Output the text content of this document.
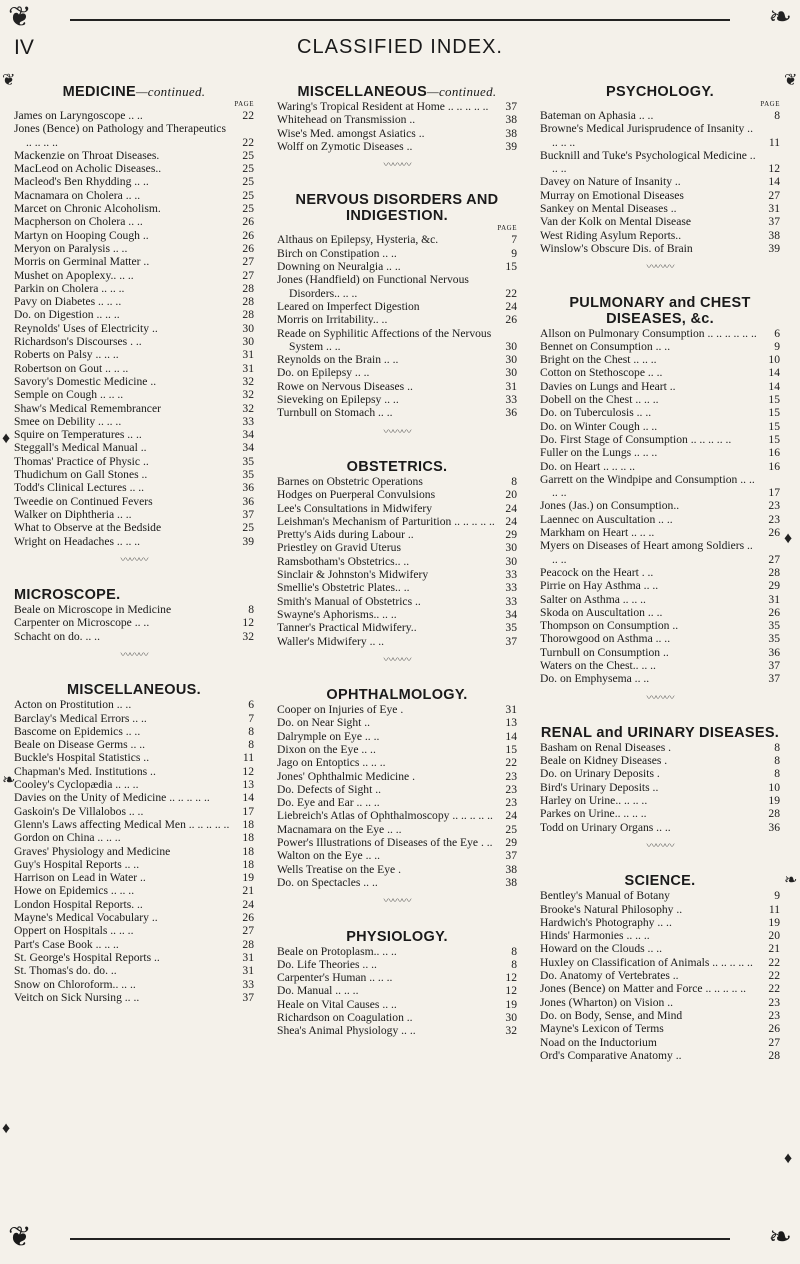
❦	❧
IV	CLASSIFIED INDEX.
❦
♦
❧
♦
❦
♦
❧
♦
MEDICINE—continued.
PAGE
James on Laryngoscope .. ..	22
Jones (Bence) on Pathology and Therapeutics .. .. .. ..	22
Mackenzie on Throat Diseases.	25
MacLeod on Acholic Diseases..	25
Macleod's Ben Rhydding .. ..	25
Macnamara on Cholera .. ..	25
Marcet on Chronic Alcoholism.	25
Macpherson on Cholera .. ..	26
Martyn on Hooping Cough ..	26
Meryon on Paralysis .. ..	26
Morris on Germinal Matter ..	27
Mushet on Apoplexy.. .. ..	27
Parkin on Cholera .. .. ..	28
Pavy on Diabetes .. .. ..	28
Do. on Digestion .. .. ..	28
Reynolds' Uses of Electricity ..	30
Richardson's Discourses . ..	30
Roberts on Palsy .. .. ..	31
Robertson on Gout .. .. ..	31
Savory's Domestic Medicine ..	32
Semple on Cough .. .. ..	32
Shaw's Medical Remembrancer	32
Smee on Debility .. .. ..	33
Squire on Temperatures .. ..	34
Steggall's Medical Manual ..	34
Thomas' Practice of Physic ..	35
Thudichum on Gall Stones ..	35
Todd's Clinical Lectures .. ..	36
Tweedie on Continued Fevers	36
Walker on Diphtheria .. ..	37
What to Observe at the Bedside	25
Wright on Headaches .. .. ..	39
〰〰〰
MICROSCOPE.
Beale on Microscope in Medicine	8
Carpenter on Microscope .. ..	12
Schacht on do. .. ..	32
〰〰〰
MISCELLANEOUS.
Acton on Prostitution .. ..	6
Barclay's Medical Errors .. ..	7
Bascome on Epidemics .. ..	8
Beale on Disease Germs .. ..	8
Buckle's Hospital Statistics ..	11
Chapman's Med. Institutions ..	12
Cooley's Cyclopædia .. .. ..	13
Davies on the Unity of Medicine .. .. .. .. ..	14
Gaskoin's De Villalobos .. ..	17
Glenn's Laws affecting Medical Men .. .. .. .. ..	18
Gordon on China .. .. ..	18
Graves' Physiology and Medicine	18
Guy's Hospital Reports .. ..	18
Harrison on Lead in Water ..	19
Howe on Epidemics .. .. ..	21
London Hospital Reports. ..	24
Mayne's Medical Vocabulary ..	26
Oppert on Hospitals .. .. ..	27
Part's Case Book .. .. ..	28
St. George's Hospital Reports ..	31
St. Thomas's do. do. ..	31
Snow on Chloroform.. .. ..	33
Veitch on Sick Nursing .. ..	37
MISCELLANEOUS—continued.
Waring's Tropical Resident at Home .. .. .. .. ..	37
Whitehead on Transmission ..	38
Wise's Med. amongst Asiatics ..	38
Wolff on Zymotic Diseases ..	39
〰〰〰
NERVOUS DISORDERS AND INDIGESTION.
PAGE
Althaus on Epilepsy, Hysteria, &c.	7
Birch on Constipation .. ..	9
Downing on Neuralgia .. ..	15
Jones (Handfield) on Functional Nervous Disorders.. .. ..	22
Leared on Imperfect Digestion	24
Morris on Irritability.. ..	26
Reade on Syphilitic Affections of the Nervous System .. ..	30
Reynolds on the Brain .. ..	30
Do. on Epilepsy .. ..	30
Rowe on Nervous Diseases ..	31
Sieveking on Epilepsy .. ..	33
Turnbull on Stomach .. ..	36
〰〰〰
OBSTETRICS.
Barnes on Obstetric Operations	8
Hodges on Puerperal Convulsions	20
Lee's Consultations in Midwifery	24
Leishman's Mechanism of Parturition .. .. .. .. .. 24
Pretty's Aids during Labour ..	29
Priestley on Gravid Uterus	30
Ramsbotham's Obstetrics.. ..	30
Sinclair & Johnston's Midwifery	33
Smellie's Obstetric Plates.. ..	33
Smith's Manual of Obstetrics ..	33
Swayne's Aphorisms.. .. ..	34
Tanner's Practical Midwifery..	35
Waller's Midwifery .. ..	37
〰〰〰
OPHTHALMOLOGY.
Cooper on Injuries of Eye .	31
Do. on Near Sight ..	13
Dalrymple on Eye .. ..	14
Dixon on the Eye .. ..	15
Jago on Entoptics .. .. ..	22
Jones' Ophthalmic Medicine .	23
Do. Defects of Sight ..	23
Do. Eye and Ear .. .. ..	23
Liebreich's Atlas of Ophthalmoscopy .. .. .. .. ..	24
Macnamara on the Eye .. ..	25
Power's Illustrations of Diseases of the Eye . ..	29
Walton on the Eye .. ..	37
Wells Treatise on the Eye .	38
Do. on Spectacles .. ..	38
〰〰〰
PHYSIOLOGY.
Beale on Protoplasm.. .. ..	8
Do. Life Theories .. ..	8
Carpenter's Human .. .. ..	12
Do. Manual .. .. ..	12
Heale on Vital Causes .. ..	19
Richardson on Coagulation ..	30
Shea's Animal Physiology .. ..	32
PSYCHOLOGY.
PAGE
Bateman on Aphasia .. ..	8
Browne's Medical Jurisprudence of Insanity .. .. .. ..	11
Bucknill and Tuke's Psychological Medicine .. .. ..	12
Davey on Nature of Insanity ..	14
Murray on Emotional Diseases	27
Sankey on Mental Diseases ..	31
Van der Kolk on Mental Disease	37
West Riding Asylum Reports..	38
Winslow's Obscure Dis. of Brain	39
〰〰〰
PULMONARY and CHEST DISEASES, &c.
Allson on Pulmonary Consumption .. .. .. .. .. ..	6
Bennet on Consumption .. ..	9
Bright on the Chest .. .. ..	10
Cotton on Stethoscope .. ..	14
Davies on Lungs and Heart ..	14
Dobell on the Chest .. .. ..	15
Do. on Tuberculosis .. ..	15
Do. on Winter Cough .. ..	15
Do. First Stage of Consumption .. .. .. .. ..	15
Fuller on the Lungs .. .. ..	16
Do. on Heart .. .. .. ..	16
Garrett on the Windpipe and Consumption .. .. .. ..	17
Jones (Jas.) on Consumption..	23
Laennec on Auscultation .. ..	23
Markham on Heart .. .. ..	26
Myers on Diseases of Heart among Soldiers .. .. ..	27
Peacock on the Heart . ..	28
Pirrie on Hay Asthma .. ..	29
Salter on Asthma .. .. ..	31
Skoda on Auscultation .. ..	26
Thompson on Consumption ..	35
Thorowgood on Asthma .. ..	35
Turnbull on Consumption ..	36
Waters on the Chest.. .. ..	37
Do. on Emphysema .. ..	37
〰〰〰
RENAL and URINARY DISEASES.
Basham on Renal Diseases .	8
Beale on Kidney Diseases .	8
Do. on Urinary Deposits .	8
Bird's Urinary Deposits ..	10
Harley on Urine.. .. .. ..	19
Parkes on Urine.. .. .. ..	28
Todd on Urinary Organs .. ..	36
〰〰〰
SCIENCE.
Bentley's Manual of Botany	9
Brooke's Natural Philosophy ..	11
Hardwich's Photography .. ..	19
Hinds' Harmonies .. .. ..	20
Howard on the Clouds .. ..	21
Huxley on Classification of Animals .. .. .. .. ..	22
Do. Anatomy of Vertebrates ..	22
Jones (Bence) on Matter and Force .. .. .. .. ..	22
Jones (Wharton) on Vision ..	23
Do. on Body, Sense, and Mind	23
Mayne's Lexicon of Terms	26
Noad on the Inductorium	27
Ord's Comparative Anatomy ..	28
❦	❧
